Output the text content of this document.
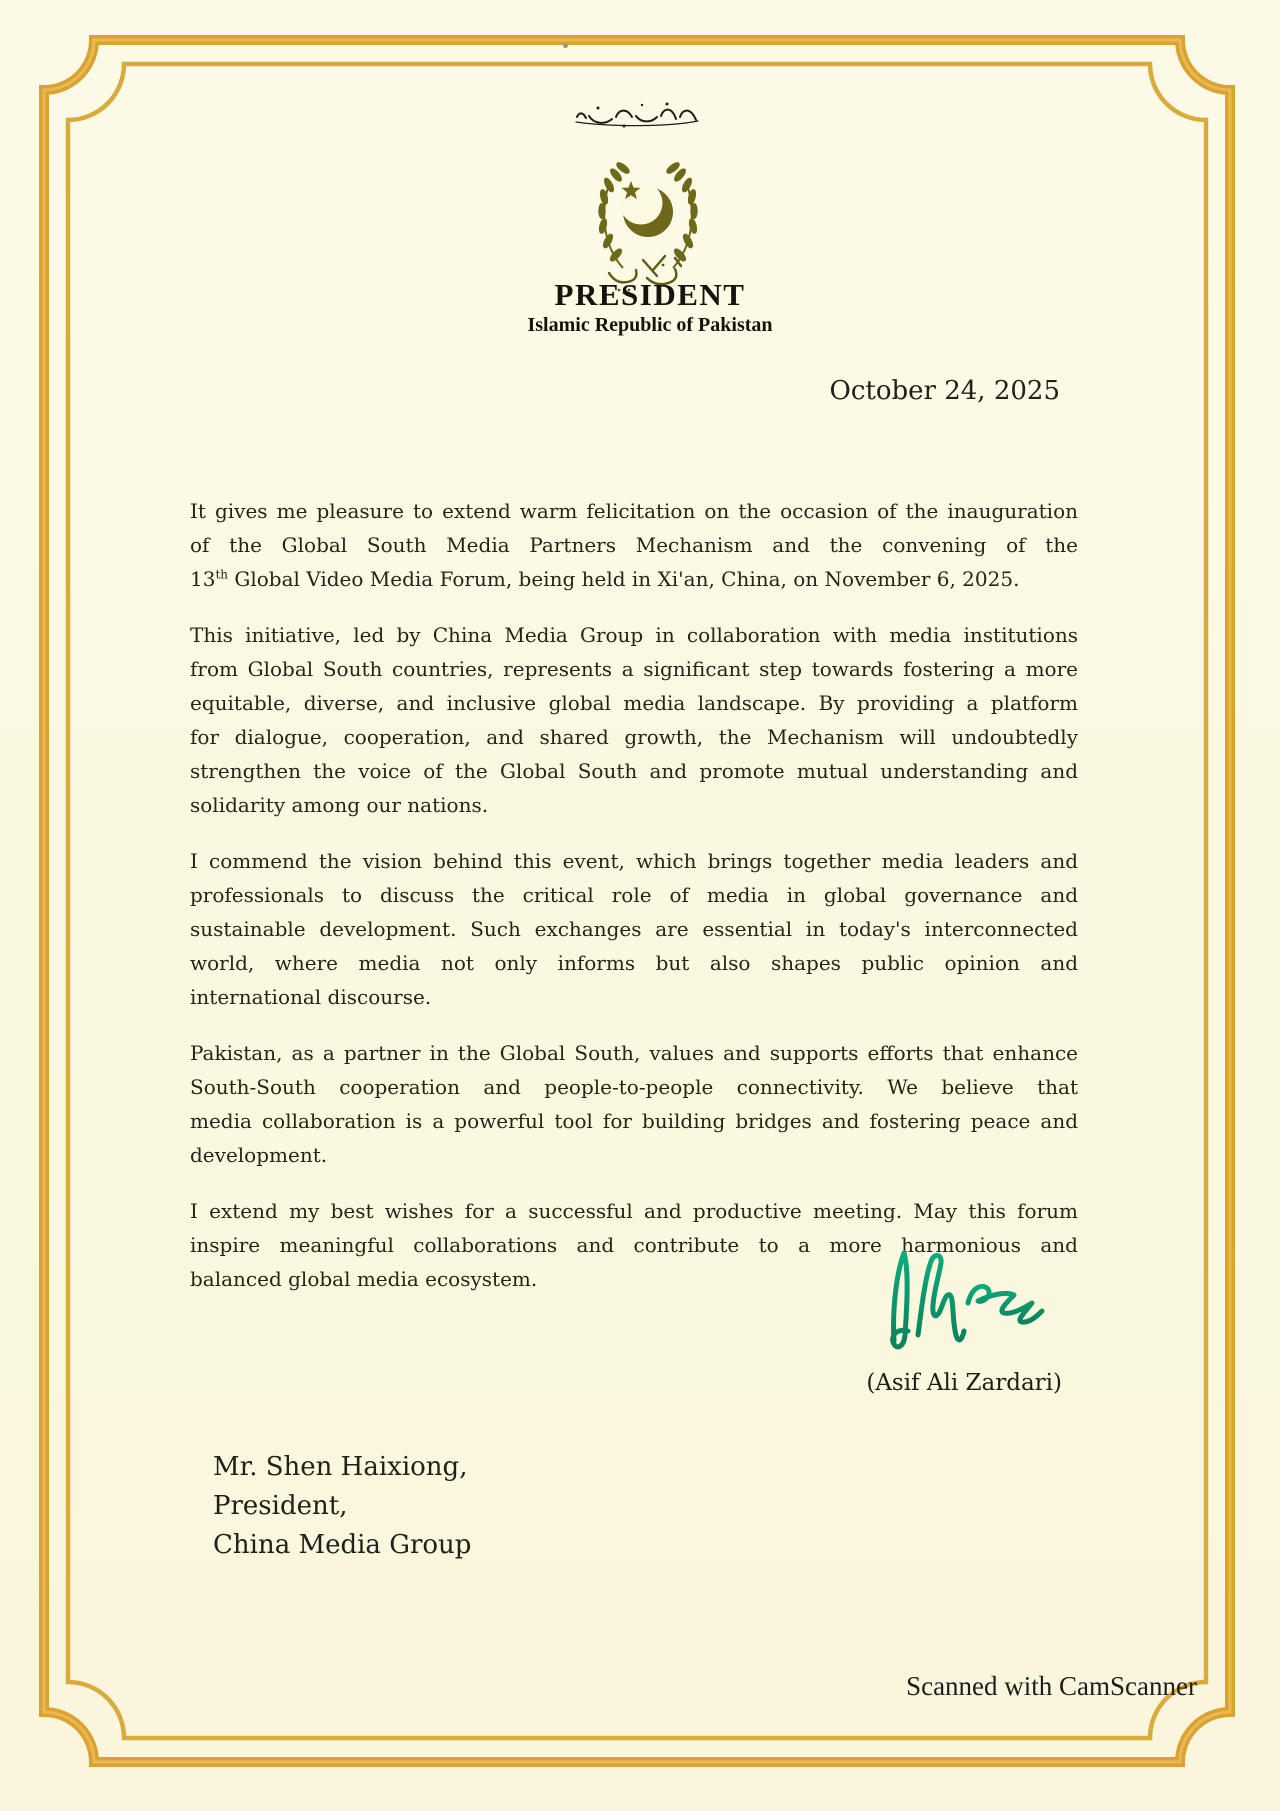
PRESIDENT
Islamic Republic of Pakistan
October 24, 2025
It gives me pleasure to extend warm felicitation on the occasion of the inauguration
of the Global South Media Partners Mechanism and the convening of the
13th Global Video Media Forum, being held in Xi'an, China, on November 6, 2025.
This initiative, led by China Media Group in collaboration with media institutions
from Global South countries, represents a significant step towards fostering a more
equitable, diverse, and inclusive global media landscape. By providing a platform
for dialogue, cooperation, and shared growth, the Mechanism will undoubtedly
strengthen the voice of the Global South and promote mutual understanding and
solidarity among our nations.
I commend the vision behind this event, which brings together media leaders and
professionals to discuss the critical role of media in global governance and
sustainable development. Such exchanges are essential in today's interconnected
world, where media not only informs but also shapes public opinion and
international discourse.
Pakistan, as a partner in the Global South, values and supports efforts that enhance
South-South cooperation and people-to-people connectivity. We believe that
media collaboration is a powerful tool for building bridges and fostering peace and
development.
I extend my best wishes for a successful and productive meeting. May this forum
inspire meaningful collaborations and contribute to a more harmonious and
balanced global media ecosystem.
(Asif Ali Zardari)
Mr. Shen Haixiong,
President,
China Media Group
Scanned with CamScanner
